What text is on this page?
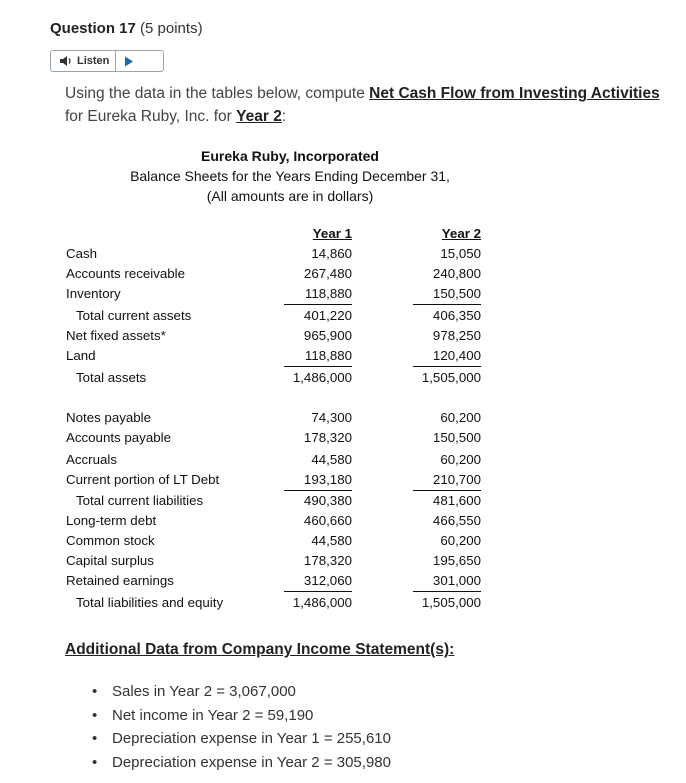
Question 17 (5 points)
Listen
Using the data in the tables below, compute Net Cash Flow from Investing Activities for Eureka Ruby, Inc. for Year 2:
Eureka Ruby, Incorporated
Balance Sheets for the Years Ending December 31,
(All amounts are in dollars)
Year 1	Year 2
Cash	14,860	15,050
Accounts receivable	267,480	240,800
Inventory	118,880	150,500
Total current assets	401,220	406,350
Net fixed assets*	965,900	978,250
Land	118,880	120,400
Total assets	1,486,000	1,505,000
Notes payable	74,300	60,200
Accounts payable	178,320	150,500
Accruals	44,580	60,200
Current portion of LT Debt	193,180	210,700
Total current liabilities	490,380	481,600
Long-term debt	460,660	466,550
Common stock	44,580	60,200
Capital surplus	178,320	195,650
Retained earnings	312,060	301,000
Total liabilities and equity	1,486,000	1,505,000
Additional Data from Company Income Statement(s):
• Sales in Year 2 = 3,067,000
• Net income in Year 2 = 59,190
• Depreciation expense in Year 1 = 255,610
• Depreciation expense in Year 2 = 305,980
